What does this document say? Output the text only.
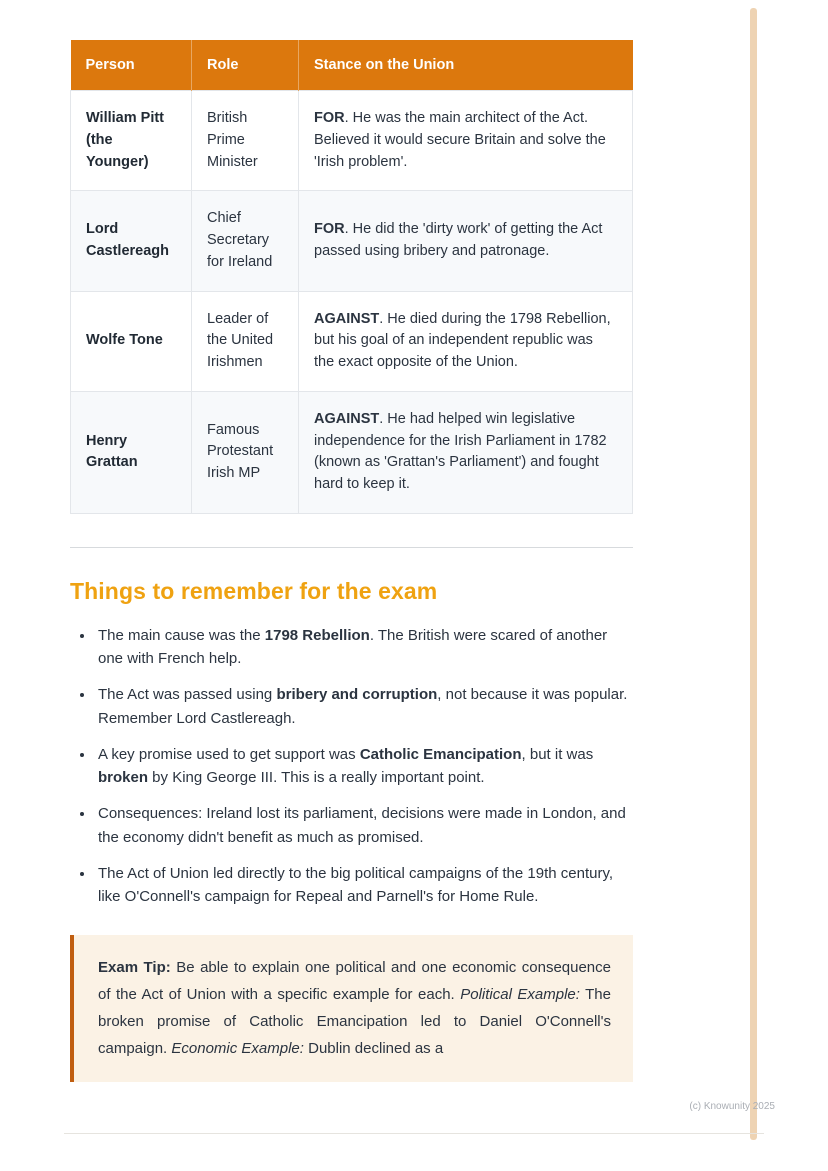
Person	Role	Stance on the Union
William Pitt (the Younger)	British Prime Minister	FOR. He was the main architect of the Act. Believed it would secure Britain and solve the 'Irish problem'.
Lord Castlereagh	Chief Secretary for Ireland	FOR. He did the 'dirty work' of getting the Act passed using bribery and patronage.
Wolfe Tone	Leader of the United Irishmen	AGAINST. He died during the 1798 Rebellion, but his goal of an independent republic was the exact opposite of the Union.
Henry Grattan	Famous Protestant Irish MP	AGAINST. He had helped win legislative independence for the Irish Parliament in 1782 (known as 'Grattan's Parliament') and fought hard to keep it.
Things to remember for the exam
• The main cause was the 1798 Rebellion. The British were scared of another one with French help.
• The Act was passed using bribery and corruption, not because it was popular. Remember Lord Castlereagh.
• A key promise used to get support was Catholic Emancipation, but it was broken by King George III. This is a really important point.
• Consequences: Ireland lost its parliament, decisions were made in London, and the economy didn't benefit as much as promised.
• The Act of Union led directly to the big political campaigns of the 19th century, like O'Connell's campaign for Repeal and Parnell's for Home Rule.

Exam Tip: Be able to explain one political and one economic consequence of the Act of Union with a specific example for each. Political Example: The broken promise of Catholic Emancipation led to Daniel O'Connell's campaign. Economic Example: Dublin declined as a

(c) Knowunity 2025
